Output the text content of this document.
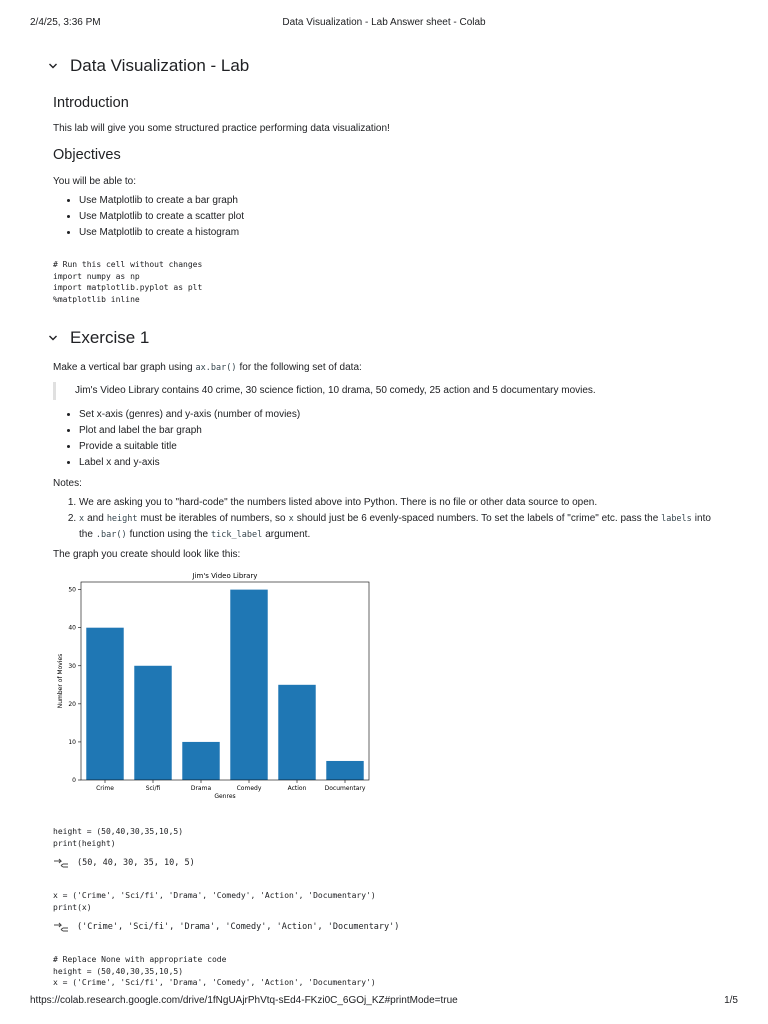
2/4/25, 3:36 PM	Data Visualization - Lab Answer sheet - Colab
Data Visualization - Lab
Introduction
This lab will give you some structured practice performing data visualization!
Objectives
You will be able to:
• Use Matplotlib to create a bar graph
• Use Matplotlib to create a scatter plot
• Use Matplotlib to create a histogram
# Run this cell without changes
import numpy as np
import matplotlib.pyplot as plt
%matplotlib inline
Exercise 1
Make a vertical bar graph using ax.bar() for the following set of data:
Jim's Video Library contains 40 crime, 30 science fiction, 10 drama, 50 comedy, 25 action and 5 documentary movies.
• Set x-axis (genres) and y-axis (number of movies)
• Plot and label the bar graph
• Provide a suitable title
• Label x and y-axis
Notes:
1. We are asking you to "hard-code" the numbers listed above into Python. There is no file or other data source to open.
2. x and height must be iterables of numbers, so x should just be 6 evenly-spaced numbers. To set the labels of "crime" etc. pass the labels into the .bar() function using the tick_label argument.
The graph you create should look like this:
Jim's Video Library
0
10
20
30
40
50
Crime	Sci/fi	Drama	Comedy	Action	Documentary
Number of Movies
Genres
height = (50,40,30,35,10,5)
print(height)
(50, 40, 30, 35, 10, 5)
x = ('Crime', 'Sci/fi', 'Drama', 'Comedy', 'Action', 'Documentary')
print(x)
('Crime', 'Sci/fi', 'Drama', 'Comedy', 'Action', 'Documentary')
# Replace None with appropriate code
height = (50,40,30,35,10,5)
x = ('Crime', 'Sci/fi', 'Drama', 'Comedy', 'Action', 'Documentary')
https://colab.research.google.com/drive/1fNgUAjrPhVtq-sEd4-FKzi0C_6GOj_KZ#printMode=true	1/5
